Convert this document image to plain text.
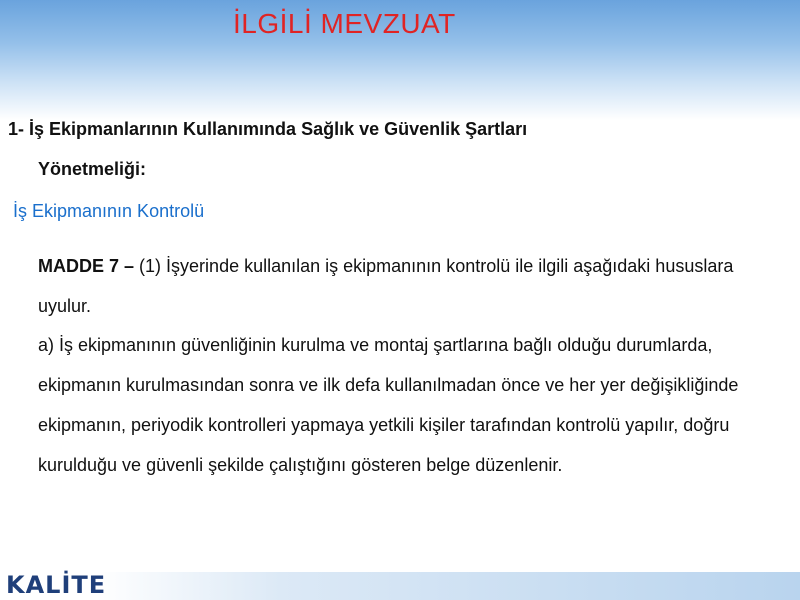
İLGİLİ MEVZUAT

1- İş Ekipmanlarının Kullanımında Sağlık ve Güvenlik Şartları
Yönetmeliği:

İş Ekipmanının Kontrolü
MADDE 7 – (1) İşyerinde kullanılan iş ekipmanının kontrolü ile ilgili aşağıdaki hususlara uyulur.
a) İş ekipmanının güvenliğinin kurulma ve montaj şartlarına bağlı olduğu durumlarda, ekipmanın kurulmasından sonra ve ilk defa kullanılmadan önce ve her yer değişikliğinde ekipmanın, periyodik kontrolleri yapmaya yetkili kişiler tarafından kontrolü yapılır, doğru kurulduğu ve güvenli şekilde çalıştığını gösteren belge düzenlenir.
KALİTE
